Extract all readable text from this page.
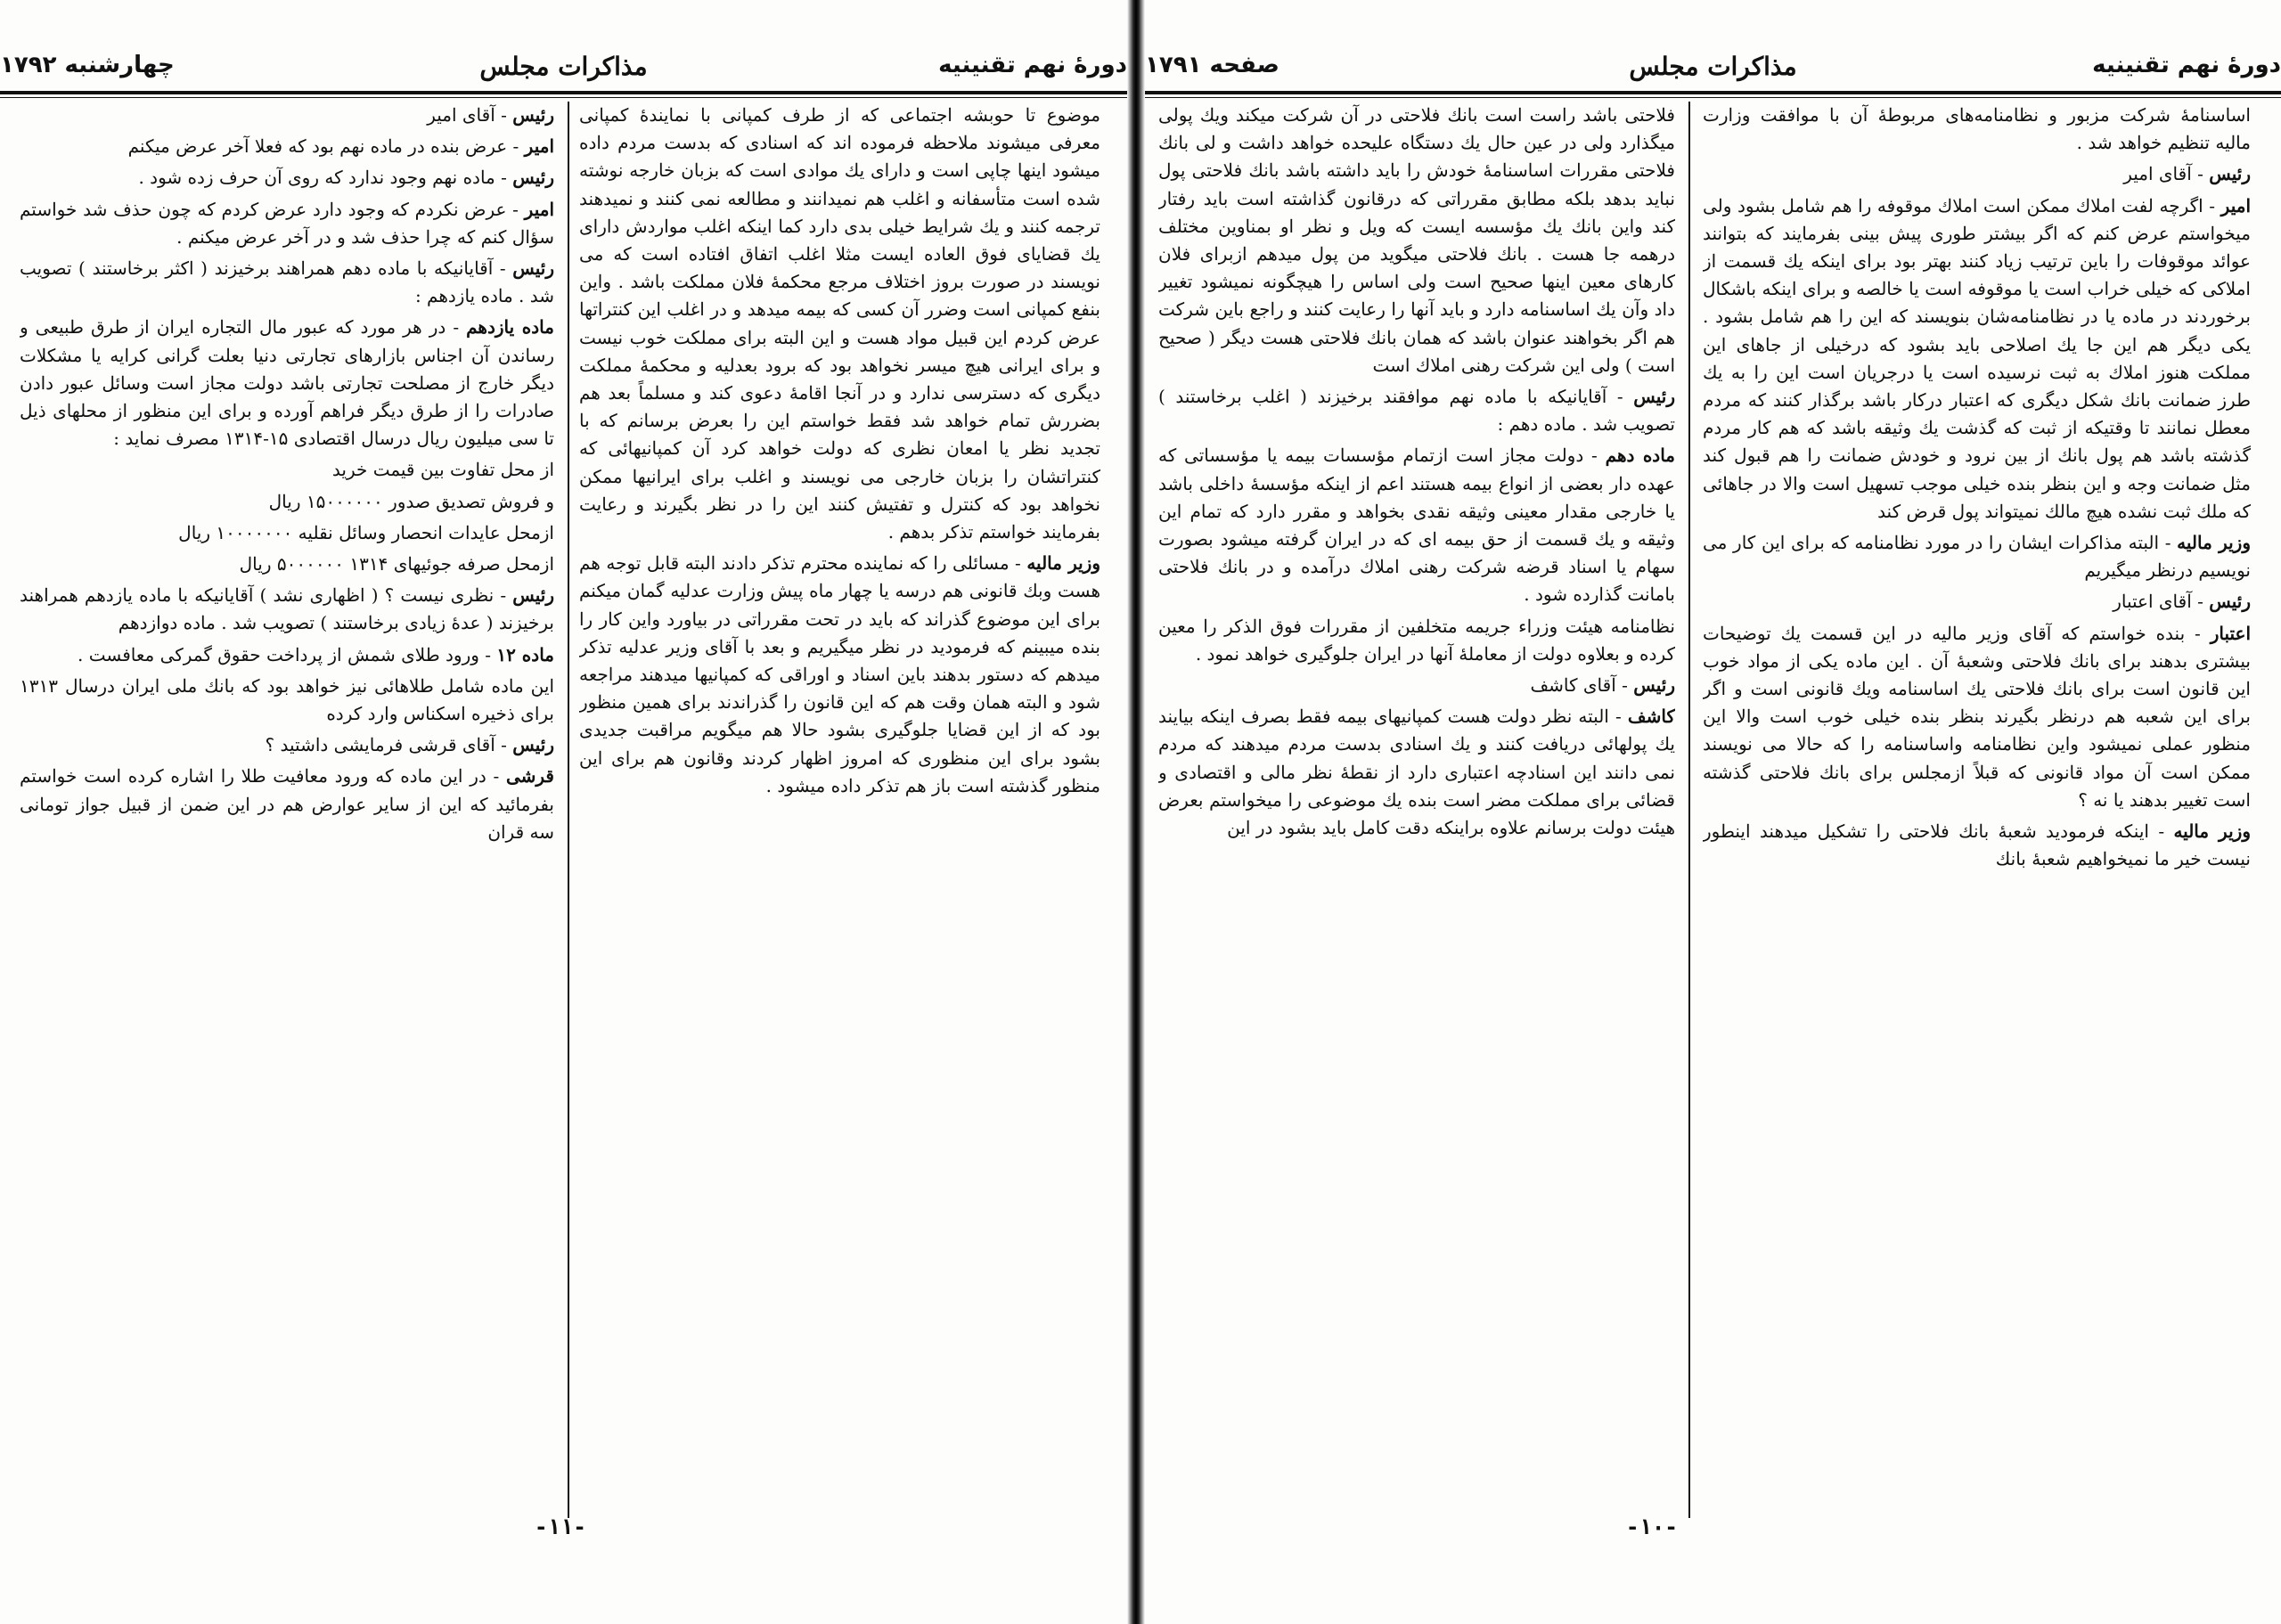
دورهٔ نهم تقنینیه
مذاکرات مجلس
چهارشنبه ۱۷۹۲

موضوع تا حوبشه اجتماعی که از طرف کمپانی با نمایندهٔ کمپانی معرفی میشوند ملاحظه فرموده اند که اسنادی که بدست مردم داده میشود اینها چاپی است و دارای یك موادی است که بزبان خارجه نوشته شده است متأسفانه و اغلب هم نمیدانند و مطالعه نمی کنند و نمیدهند ترجمه کنند و یك شرایط خیلی بدی دارد کما اینکه اغلب مواردش دارای یك قضایای فوق العاده ایست مثلا اغلب اتفاق افتاده است که می نویسند در صورت بروز اختلاف مرجع محکمهٔ فلان مملکت باشد . واین بنفع کمپانی است وضرر آن کسی که بیمه میدهد و در اغلب این کنتراتها عرض کردم این قبیل مواد هست و این البته برای مملکت خوب نیست و برای ایرانی هیچ میسر نخواهد بود که برود بعدلیه و محکمهٔ مملکت دیگری که دسترسی ندارد و در آنجا اقامهٔ دعوی کند و مسلماً بعد هم بضررش تمام خواهد شد فقط خواستم این را بعرض برسانم که با تجدید نظر یا امعان نظری که دولت خواهد کرد آن کمپانیهائی که کنتراتشان را بزبان خارجی می نویسند و اغلب برای ایرانیها ممکن نخواهد بود که کنترل و تفتیش کنند این را در نظر بگیرند و رعایت بفرمایند خواستم تذکر بدهم .

وزیر مالیه - مسائلی را که نماینده محترم تذکر دادند البته قابل توجه هم هست وبك قانونی هم درسه یا چهار ماه پیش وزارت عدلیه گمان میکنم برای این موضوع گذراند که باید در تحت مقرراتی در بیاورد واین کار را بنده میبینم که فرمودید در نظر میگیریم و بعد با آقای وزیر عدلیه تذکر میدهم که دستور بدهند باین اسناد و اوراقی که کمپانیها میدهند مراجعه شود و البته همان وقت هم که این قانون را گذراندند برای همین منظور بود که از این قضایا جلوگیری بشود حالا هم میگویم مراقبت جدیدی بشود برای این منظوری که امروز اظهار کردند وقانون هم برای این منظور گذشته است باز هم تذکر داده میشود .

رئیس - آقای امیر

امیر - عرض بنده در ماده نهم بود که فعلا آخر عرض میکنم

رئیس - ماده نهم وجود ندارد که روی آن حرف زده شود .

امیر - عرض نکردم که وجود دارد عرض کردم که چون حذف شد خواستم سؤال کنم که چرا حذف شد و در آخر عرض میکنم .

رئیس - آقایانیکه با ماده دهم همراهند برخیزند ( اکثر برخاستند ) تصویب شد . ماده یازدهم :

ماده یازدهم - در هر مورد که عبور مال التجاره ایران از طرق طبیعی و رساندن آن اجناس بازارهای تجارتی دنیا بعلت گرانی کرایه یا مشکلات دیگر خارج از مصلحت تجارتی باشد دولت مجاز است وسائل عبور دادن صادرات را از طرق دیگر فراهم آورده و برای این منظور از محلهای ذیل تا سی میلیون ریال درسال اقتصادی ۱۵-۱۳۱۴ مصرف نماید :

از محل تفاوت بین قیمت خرید

و فروش تصدیق صدور ۱۵۰۰۰۰۰۰ ریال

ازمحل عایدات انحصار وسائل نقلیه ۱۰۰۰۰۰۰۰ ریال

ازمحل صرفه جوئیهای ۱۳۱۴ ۵۰۰۰۰۰۰ ریال

رئیس - نظری نیست ؟ ( اظهاری نشد ) آقایانیکه با ماده یازدهم همراهند برخیزند ( عدهٔ زیادی برخاستند ) تصویب شد . ماده دوازدهم

ماده ۱۲ - ورود طلای شمش از پرداخت حقوق گمرکی معافست .

این ماده شامل طلاهائی نیز خواهد بود که بانك ملی ایران درسال ۱۳۱۳ برای ذخیره اسکناس وارد کرده

رئیس - آقای قرشی فرمایشی داشتید ؟

قرشی - در این ماده که ورود معافیت طلا را اشاره کرده است خواستم بفرمائید که این از سایر عوارض هم در این ضمن از قبیل جواز تومانی سه قران

-۱۱-
دورهٔ نهم تقنینیه
مذاکرات مجلس
صفحه ۱۷۹۱

اساسنامهٔ شرکت مزبور و نظامنامه‌های مربوطهٔ آن با موافقت وزارت مالیه تنظیم خواهد شد .

رئیس - آقای امیر

امیر - اگرچه لفت املاك ممکن است املاك موقوفه را هم شامل بشود ولی میخواستم عرض کنم که اگر بیشتر طوری پیش بینی بفرمایند که بتوانند عوائد موقوفات را باین ترتیب زیاد کنند بهتر بود برای اینکه یك قسمت از املاکی که خیلی خراب است یا موقوفه است یا خالصه و برای اینکه باشکال برخوردند در ماده یا در نظامنامه‌شان بنویسند که این را هم شامل بشود . یکی دیگر هم این جا یك اصلاحی باید بشود که درخیلی از جاهای این مملکت هنوز املاك به ثبت نرسیده است یا درجریان است این را به یك طرز ضمانت بانك شکل دیگری که اعتبار درکار باشد برگذار کنند که مردم معطل نمانند تا وقتیکه از ثبت که گذشت یك وثیقه باشد که هم کار مردم گذشته باشد هم پول بانك از بین نرود و خودش ضمانت را هم قبول کند مثل ضمانت وجه و این بنظر بنده خیلی موجب تسهیل است والا در جاهائی که ملك ثبت نشده هیچ مالك نمیتواند پول قرض کند

وزیر مالیه - البته مذاکرات ایشان را در مورد نظامنامه که برای این کار می نویسیم درنظر میگیریم

رئیس - آقای اعتبار

اعتبار - بنده خواستم که آقای وزیر مالیه در این قسمت یك توضیحات بیشتری بدهند برای بانك فلاحتی وشعبهٔ آن . این ماده یکی از مواد خوب این قانون است برای بانك فلاحتی یك اساسنامه ویك قانونی است و اگر برای این شعبه هم درنظر بگیرند بنظر بنده خیلی خوب است والا این منظور عملی نمیشود واین نظامنامه واساسنامه را که حالا می نویسند ممکن است آن مواد قانونی که قبلاً ازمجلس برای بانك فلاحتی گذشته است تغییر بدهند یا نه ؟

وزیر مالیه - اینکه فرمودید شعبهٔ بانك فلاحتی را تشکیل میدهند اینطور نیست خیر ما نمیخواهیم شعبهٔ بانك

فلاحتی باشد راست است بانك فلاحتی در آن شرکت میکند ویك پولی میگذارد ولی در عین حال یك دستگاه علیحده خواهد داشت و لی بانك فلاحتی مقررات اساسنامهٔ خودش را باید داشته باشد بانك فلاحتی پول نباید بدهد بلکه مطابق مقرراتی که درقانون گذاشته است باید رفتار کند واین بانك یك مؤسسه ایست که ویل و نظر او بمناوین مختلف درهمه جا هست . بانك فلاحتی میگوید من پول میدهم ازبرای فلان کارهای معین اینها صحیح است ولی اساس را هیچگونه نمیشود تغییر داد وآن یك اساسنامه دارد و باید آنها را رعایت کنند و راجع باین شرکت هم اگر بخواهند عنوان باشد که همان بانك فلاحتی هست دیگر ( صحیح است ) ولی این شرکت رهنی املاك است

رئیس - آقایانیکه با ماده نهم موافقند برخیزند ( اغلب برخاستند ) تصویب شد . ماده دهم :

ماده دهم - دولت مجاز است ازتمام مؤسسات بیمه یا مؤسساتی که عهده دار بعضی از انواع بیمه هستند اعم از اینکه مؤسسهٔ داخلی باشد یا خارجی مقدار معینی وثیقه نقدی بخواهد و مقرر دارد که تمام این وثیقه و یك قسمت از حق بیمه ای که در ایران گرفته میشود بصورت سهام یا اسناد قرضه شرکت رهنی املاك درآمده و در بانك فلاحتی بامانت گذارده شود .

نظامنامه هیئت وزراء جریمه متخلفین از مقررات فوق الذکر را معین کرده و بعلاوه دولت از معاملهٔ آنها در ایران جلوگیری خواهد نمود .

رئیس - آقای کاشف

کاشف - البته نظر دولت هست کمپانیهای بیمه فقط بصرف اینکه بیایند یك پولهائی دریافت کنند و یك اسنادی بدست مردم میدهند که مردم نمی دانند این اسنادچه اعتباری دارد از نقطهٔ نظر مالی و اقتصادی و قضائی برای مملکت مضر است بنده یك موضوعی را میخواستم بعرض هیئت دولت برسانم علاوه براینکه دقت کامل باید بشود در این

-۱۰-
